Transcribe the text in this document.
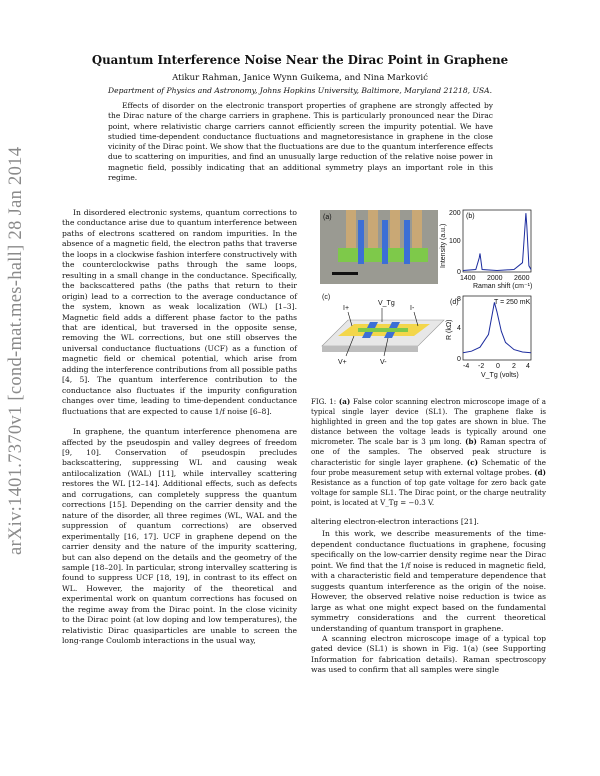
Quantum Interference Noise Near the Dirac Point in Graphene
Atikur Rahman, Janice Wynn Guikema, and Nina Marković
Department of Physics and Astronomy, Johns Hopkins University, Baltimore, Maryland 21218, USA.
Effects of disorder on the electronic transport properties of graphene are strongly affected by the Dirac nature of the charge carriers in graphene. This is particularly pronounced near the Dirac point, where relativistic charge carriers cannot efficiently screen the impurity potential. We have studied time-dependent conductance fluctuations and magnetoresistance in graphene in the close vicinity of the Dirac point. We show that the fluctuations are due to the quantum interference effects due to scattering on impurities, and find an unusually large reduction of the relative noise power in magnetic field, possibly indicating that an additional symmetry plays an important role in this regime.
arXiv:1401.7370v1 [cond-mat.mes-hall] 28 Jan 2014	In disordered electronic systems, quantum corrections to the conductance arise due to quantum interference between paths of electrons scattered on random impurities. In the absence of a magnetic field, the electron paths that traverse the loops in a clockwise fashion interfere constructively with the counterclockwise paths through the same loops, resulting in a small change in the conductance. Specifically, the backscattered paths (the paths that return to their origin) lead to a correction to the average conductance of the system, known as weak localization (WL) [1–3]. Magnetic field adds a different phase factor to the paths that are identical, but traversed in the opposite sense, removing the WL corrections, but one still observes the universal conductance fluctuations (UCF) as a function of magnetic field or chemical potential, which arise from adding the interference contributions from all possible paths [4, 5]. The quantum interference contribution to the conductance also fluctuates if the impurity configuration changes over time, leading to time-dependent conductance fluctuations that are expected to cause 1/f noise [6–8].

In graphene, the quantum interference phenomena are affected by the pseudospin and valley degrees of freedom [9, 10]. Conservation of pseudospin precludes backscattering, suppressing WL and causing weak antilocalization (WAL) [11], while intervalley scattering restores the WL [12–14]. Additional effects, such as defects and corrugations, can completely suppress the quantum corrections [15]. Depending on the carrier density and the nature of the disorder, all three regimes (WL, WAL and the suppression of quantum corrections) are observed experimentally [16, 17]. UCF in graphene depend on the carrier density and the nature of the impurity scattering, but can also depend on the details and the geometry of the sample [18–20]. In particular, strong intervalley scattering is found to suppress UCF [18, 19], in contrast to its effect on WL. However, the majority of the theoretical and experimental work on quantum corrections has focused on the regime away from the Dirac point. In the close vicinity to the Dirac point (at low doping and low temperatures), the relativistic Dirac quasiparticles are unable to screen the long-range Coulomb interactions in the usual way,

(a)	(b)
200
100
0
1400 2000 2600
Raman shift (cm⁻¹)
Intensity (a.u.)
(c)
I+
V_Tg
I-
V+	V-
(d)	T = 250 mK
8
4
0
-4 -2 0 2 4
V_Tg (volts)
R (kΩ)
FIG. 1: (a) False color scanning electron microscope image of a typical single layer device (SL1). The graphene flake is highlighted in green and the top gates are shown in blue. The distance between the voltage leads is typically around one micrometer. The scale bar is 3 μm long. (b) Raman spectra of one of the samples. The observed peak structure is characteristic for single layer graphene. (c) Schematic of the four probe measurement setup with external voltage probes. (d) Resistance as a function of top gate voltage for zero back gate voltage for sample SL1. The Dirac point, or the charge neutrality point, is located at V_Tg = −0.3 V.

altering electron-electron interactions [21].

In this work, we describe measurements of the time-dependent conductance fluctuations in graphene, focusing specifically on the low-carrier density regime near the Dirac point. We find that the 1/f noise is reduced in magnetic field, with a characteristic field and temperature dependence that suggests quantum interference as the origin of the noise. However, the observed relative noise reduction is twice as large as what one might expect based on the fundamental symmetry considerations and the current theoretical understanding of quantum transport in graphene.

A scanning electron microscope image of a typical top gated device (SL1) is shown in Fig. 1(a) (see Supporting Information for fabrication details). Raman spectroscopy was used to confirm that all samples were single
